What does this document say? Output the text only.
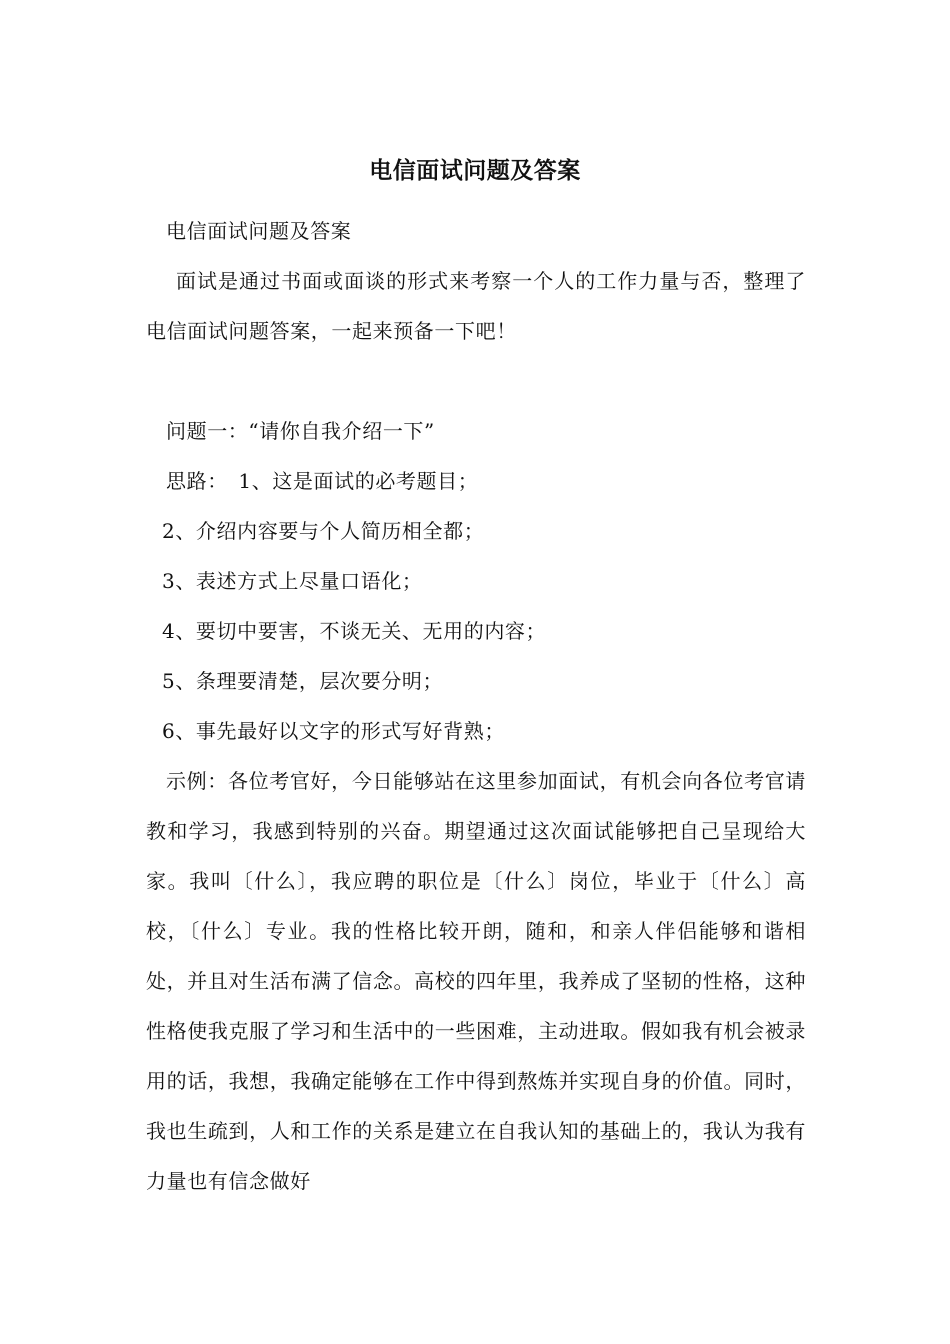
电信面试问题及答案

电信面试问题及答案

面试是通过书面或面谈的形式来考察一个人的工作力量与否，整理了电信面试问题答案，一起来预备一下吧！

问题一：“请你自我介绍一下”

思路：　1、这是面试的必考题目；

2、介绍内容要与个人简历相全都；

3、表述方式上尽量口语化；

4、要切中要害，不谈无关、无用的内容；

5、条理要清楚，层次要分明；

6、事先最好以文字的形式写好背熟；

示例：各位考官好，今日能够站在这里参加面试，有机会向各位考官请教和学习，我感到特别的兴奋。期望通过这次面试能够把自己呈现给大家。我叫〔什么〕，我应聘的职位是〔什么〕岗位，毕业于〔什么〕高校，〔什么〕专业。我的性格比较开朗，随和，和亲人伴侣能够和谐相处，并且对生活布满了信念。高校的四年里，我养成了坚韧的性格，这种性格使我克服了学习和生活中的一些困难，主动进取。假如我有机会被录用的话，我想，我确定能够在工作中得到熬炼并实现自身的价值。同时，我也生疏到，人和工作的关系是建立在自我认知的基础上的，我认为我有力量也有信念做好
